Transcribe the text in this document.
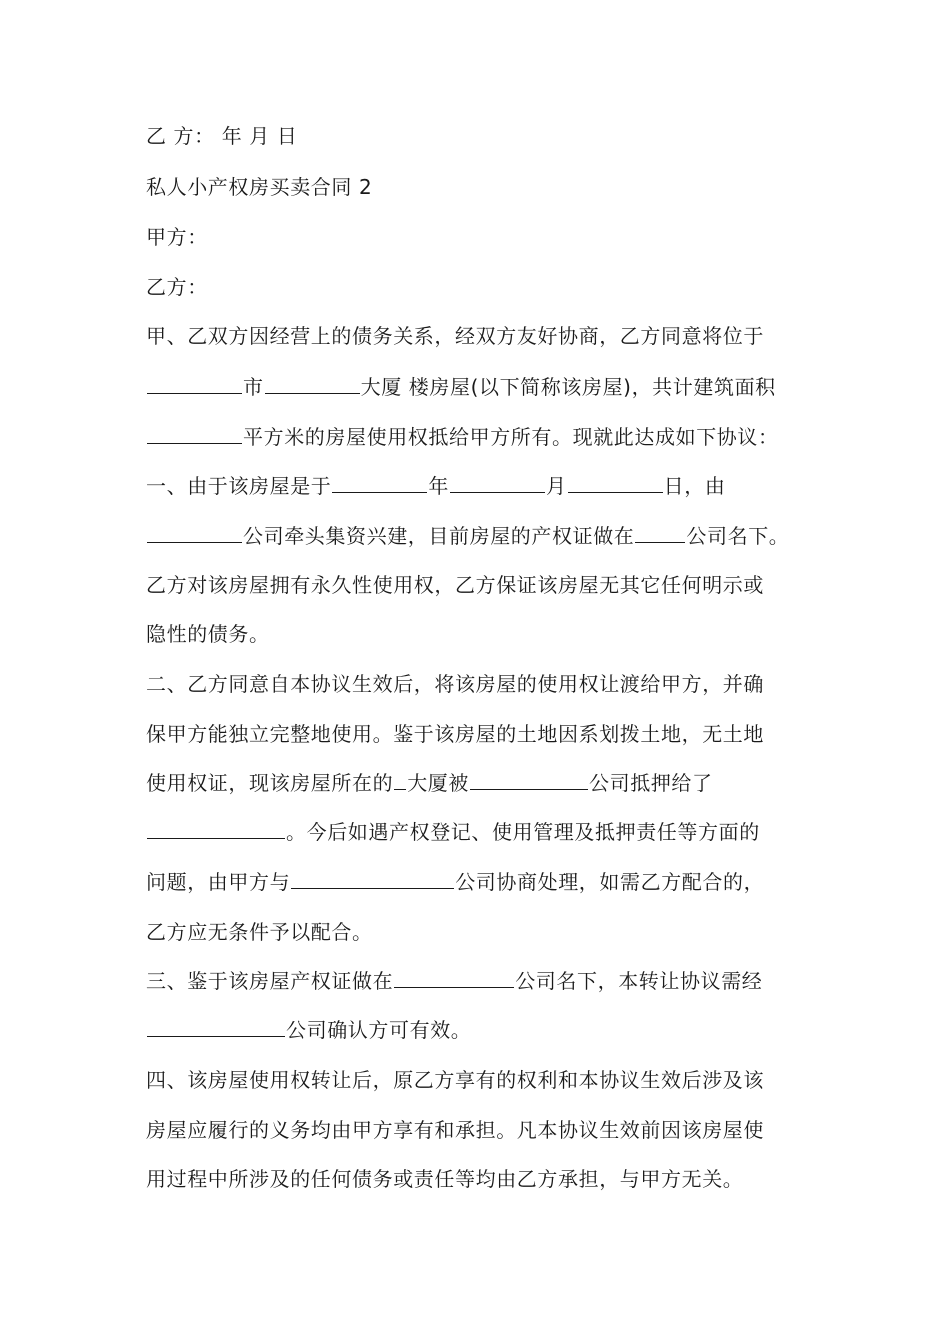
乙 方： 年 月 日
私人小产权房买卖合同 2
甲方：
乙方：
甲、乙双方因经营上的债务关系，经双方友好协商，乙方同意将位于
市	大厦 楼房屋(以下简称该房屋)，共计建筑面积
平方米的房屋使用权抵给甲方所有。现就此达成如下协议：
一、由于该房屋是于	年	月	日，由
公司牵头集资兴建，目前房屋的产权证做在	公司名下。
乙方对该房屋拥有永久性使用权，乙方保证该房屋无其它任何明示或
隐性的债务。
二、乙方同意自本协议生效后，将该房屋的使用权让渡给甲方，并确
保甲方能独立完整地使用。鉴于该房屋的土地因系划拨土地，无土地
使用权证，现该房屋所在的 大厦被	公司抵押给了
。今后如遇产权登记、使用管理及抵押责任等方面的
问题，由甲方与	公司协商处理，如需乙方配合的，
乙方应无条件予以配合。
三、鉴于该房屋产权证做在	公司名下，本转让协议需经
公司确认方可有效。
四、该房屋使用权转让后，原乙方享有的权利和本协议生效后涉及该
房屋应履行的义务均由甲方享有和承担。凡本协议生效前因该房屋使
用过程中所涉及的任何债务或责任等均由乙方承担，与甲方无关。
